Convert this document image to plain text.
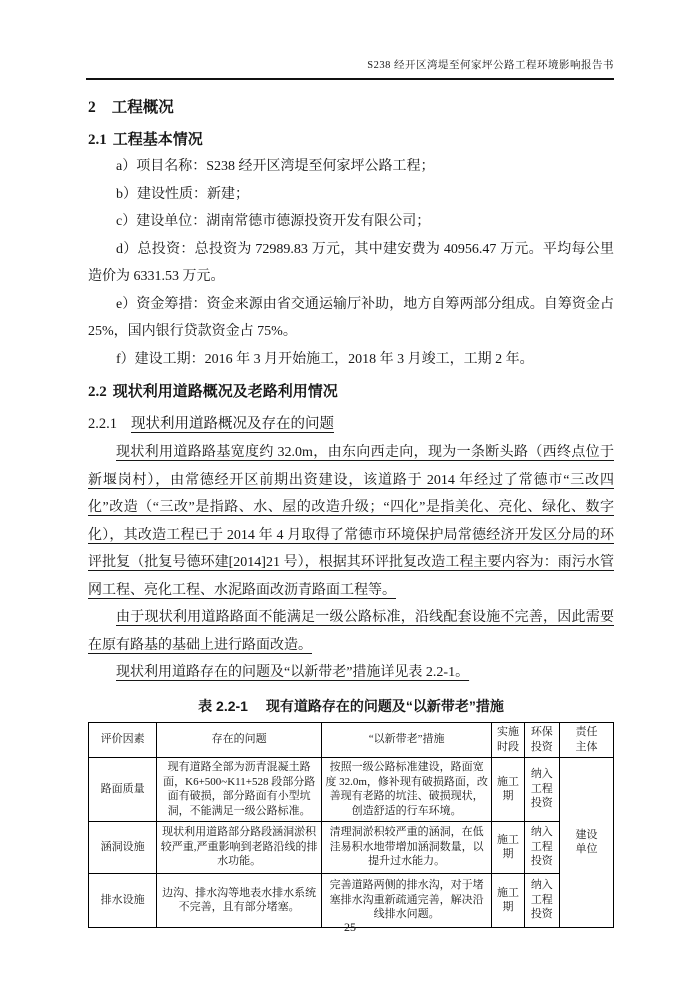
S238 经开区湾堤至何家坪公路工程环境影响报告书
2 工程概况
2.1 工程基本情况

a）项目名称：S238 经开区湾堤至何家坪公路工程；

b）建设性质：新建；

c）建设单位：湖南常德市德源投资开发有限公司；

d）总投资：总投资为 72989.83 万元，其中建安费为 40956.47 万元。平均每公里造价为 6331.53 万元。

e）资金筹措：资金来源由省交通运输厅补助，地方自筹两部分组成。自筹资金占25%，国内银行贷款资金占 75%。

f）建设工期：2016 年 3 月开始施工，2018 年 3 月竣工，工期 2 年。

2.2 现状利用道路概况及老路利用情况
2.2.1 现状利用道路概况及存在的问题

现状利用道路路基宽度约 32.0m，由东向西走向，现为一条断头路（西终点位于新堰岗村），由常德经开区前期出资建设，该道路于 2014 年经过了常德市“三改四化”改造（“三改”是指路、水、屋的改造升级；“四化”是指美化、亮化、绿化、数字化），其改造工程已于 2014 年 4 月取得了常德市环境保护局常德经济开发区分局的环评批复（批复号德环建[2014]21 号），根据其环评批复改造工程主要内容为：雨污水管网工程、亮化工程、水泥路面改沥青路面工程等。

由于现状利用道路路面不能满足一级公路标准，沿线配套设施不完善，因此需要在原有路基的基础上进行路面改造。

现状利用道路存在的问题及“以新带老”措施详见表 2.2-1。

表 2.2-1　 现有道路存在的问题及“以新带老”措施
评价因素	存在的问题	“以新带老”措施	实施时段	环保投资	责任主体
路面质量	现有道路全部为沥青混凝土路面，K6+500~K11+528 段部分路面有破损，部分路面有小型坑洞，不能满足一级公路标准。	按照一级公路标准建设，路面宽度 32.0m，修补现有破损路面，改善现有老路的坑洼、破损现状，创造舒适的行车环境。	施工期	纳入工程投资	建设单位
涵洞设施	现状利用道路部分路段涵洞淤积较严重,严重影响到老路沿线的排水功能。	清理洞淤积较严重的涵洞，在低洼易积水地带增加涵洞数量，以提升过水能力。	施工期	纳入工程投资	
排水设施	边沟、排水沟等地表水排水系统不完善，且有部分堵塞。	完善道路两侧的排水沟，对于堵塞排水沟重新疏通完善，解决沿线排水问题。	施工期	纳入工程投资	
25
